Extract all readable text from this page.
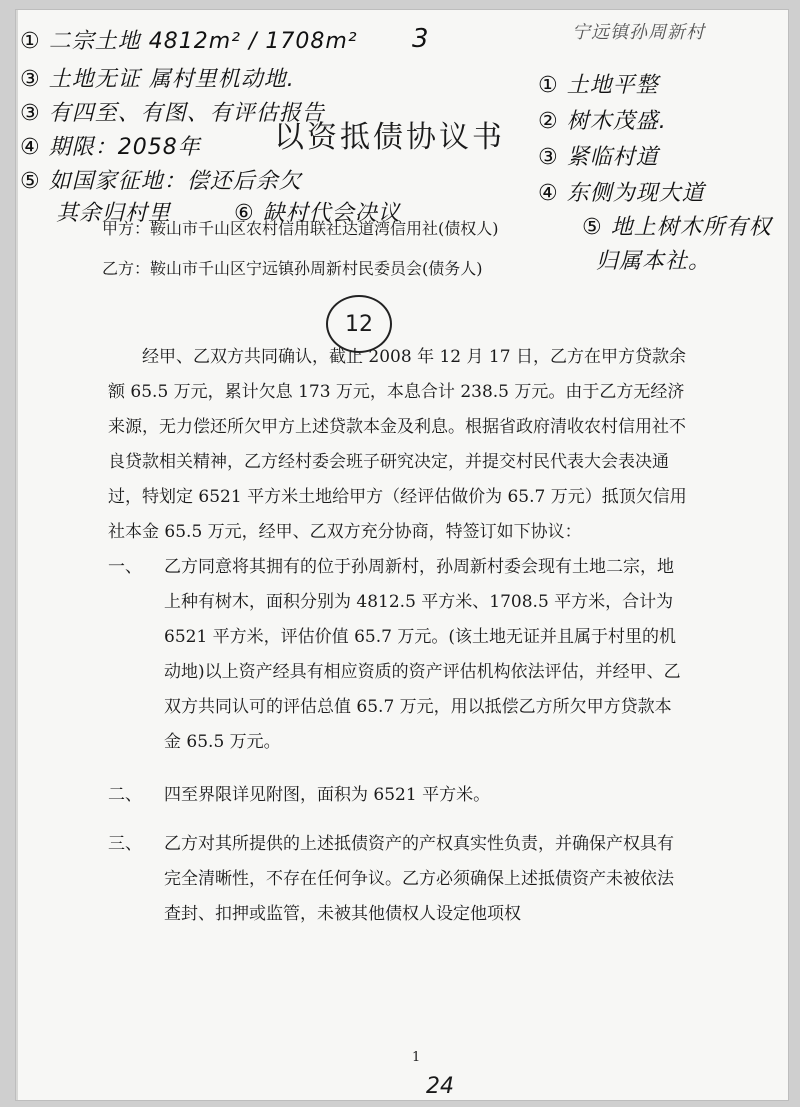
① 二宗土地 4812m² / 1708m²
③ 土地无证 属村里机动地.
③ 有四至、有图、有评估报告
④ 期限：2058年
⑤ 如国家征地：偿还后余欠
其余归村里	⑥ 缺村代会决议
3	宁远镇孙周新村
① 土地平整
② 树木茂盛.
③ 紧临村道
④ 东侧为现大道
⑤ 地上树木所有权
归属本社。
以资抵债协议书
甲方：鞍山市千山区农村信用联社达道湾信用社(债权人)
乙方：鞍山市千山区宁远镇孙周新村民委员会(债务人)
12

经甲、乙双方共同确认，截止 2008 年 12 月 17 日，乙方在甲方贷款余额 65.5 万元，累计欠息 173 万元，本息合计 238.5 万元。由于乙方无经济来源，无力偿还所欠甲方上述贷款本金及利息。根据省政府清收农村信用社不良贷款相关精神，乙方经村委会班子研究决定，并提交村民代表大会表决通过，特划定 6521 平方米土地给甲方（经评估做价为 65.7 万元）抵顶欠信用社本金 65.5 万元，经甲、乙双方充分协商，特签订如下协议：

一、	乙方同意将其拥有的位于孙周新村，孙周新村委会现有土地二宗，地上种有树木，面积分别为 4812.5 平方米、1708.5 平方米，合计为 6521 平方米，评估价值 65.7 万元。(该土地无证并且属于村里的机动地)以上资产经具有相应资质的资产评估机构依法评估，并经甲、乙双方共同认可的评估总值 65.7 万元，用以抵偿乙方所欠甲方贷款本金 65.5 万元。
二、	四至界限详见附图，面积为 6521 平方米。
三、	乙方对其所提供的上述抵债资产的产权真实性负责，并确保产权具有完全清晰性，不存在任何争议。乙方必须确保上述抵债资产未被依法查封、扣押或监管，未被其他债权人设定他项权
1
24
